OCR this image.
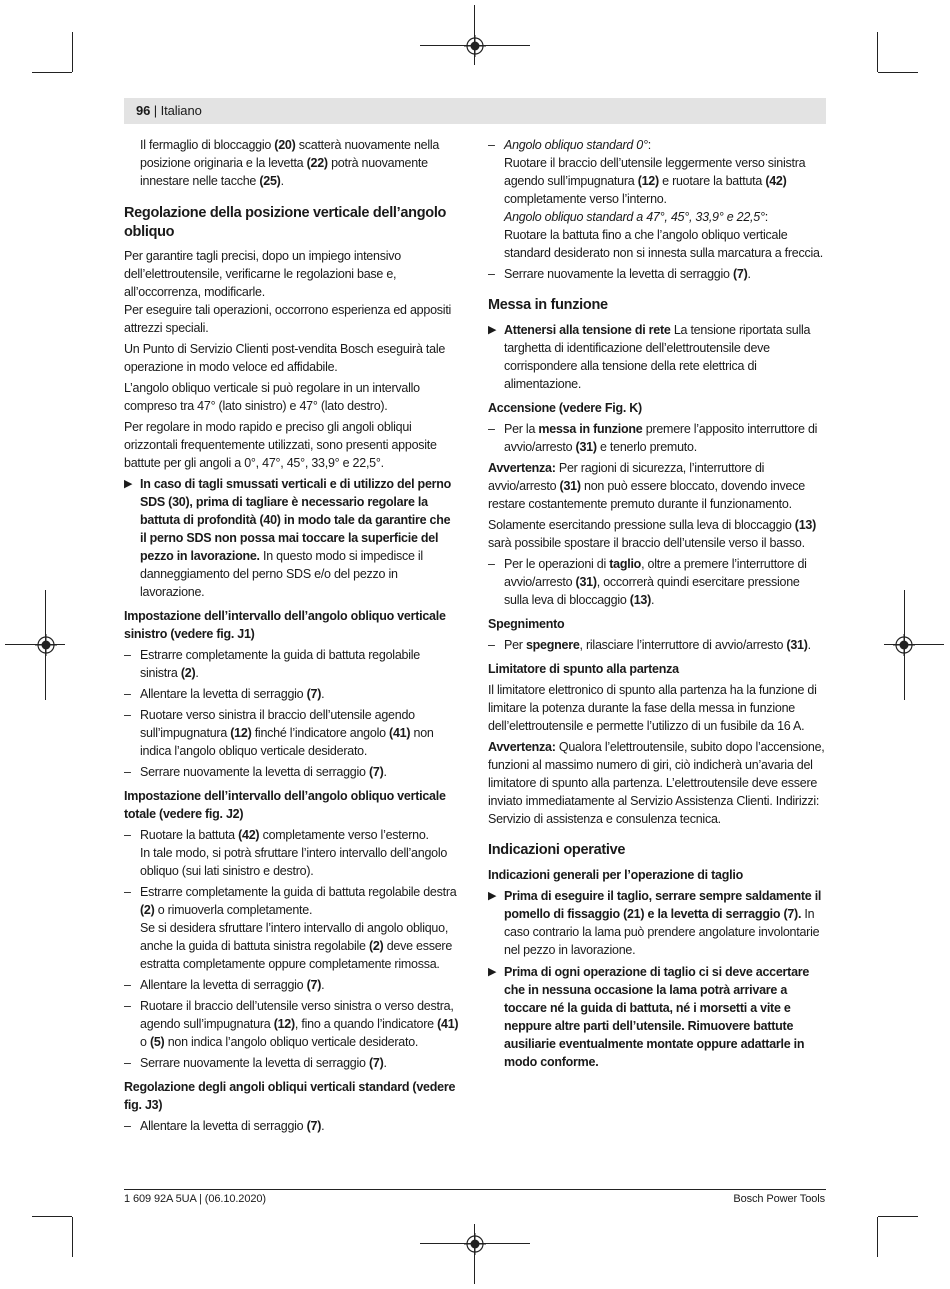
96 | Italiano

Il fermaglio di bloccaggio (20) scatterà nuovamente nella posizione originaria e la levetta (22) potrà nuovamente innestare nelle tacche (25).

Regolazione della posizione verticale dell’angolo obliquo

Per garantire tagli precisi, dopo un impiego intensivo dell’elettroutensile, verificarne le regolazioni base e, all’occorrenza, modificarle.

Per eseguire tali operazioni, occorrono esperienza ed appositi attrezzi speciali.

Un Punto di Servizio Clienti post-vendita Bosch eseguirà tale operazione in modo veloce ed affidabile.

L’angolo obliquo verticale si può regolare in un intervallo compreso tra 47° (lato sinistro) e 47° (lato destro).

Per regolare in modo rapido e preciso gli angoli obliqui orizzontali frequentemente utilizzati, sono presenti apposite battute per gli angoli a 0°, 47°, 45°, 33,9° e 22,5°.

▶ In caso di tagli smussati verticali e di utilizzo del perno SDS (30), prima di tagliare è necessario regolare la battuta di profondità (40) in modo tale da garantire che il perno SDS non possa mai toccare la superficie del pezzo in lavorazione. In questo modo si impedisce il danneggiamento del perno SDS e/o del pezzo in lavorazione.
Impostazione dell’intervallo dell’angolo obliquo verticale sinistro (vedere fig. J1)
– Estrarre completamente la guida di battuta regolabile sinistra (2).
– Allentare la levetta di serraggio (7).
– Ruotare verso sinistra il braccio dell’utensile agendo sull’impugnatura (12) finché l’indicatore angolo (41) non indica l’angolo obliquo verticale desiderato.
– Serrare nuovamente la levetta di serraggio (7).
Impostazione dell’intervallo dell’angolo obliquo verticale totale (vedere fig. J2)
– Ruotare la battuta (42) completamente verso l’esterno.
In tale modo, si potrà sfruttare l’intero intervallo dell’angolo obliquo (sui lati sinistro e destro).
– Estrarre completamente la guida di battuta regolabile destra (2) o rimuoverla completamente.
Se si desidera sfruttare l’intero intervallo di angolo obliquo, anche la guida di battuta sinistra regolabile (2) deve essere estratta completamente oppure completamente rimossa.
– Allentare la levetta di serraggio (7).
– Ruotare il braccio dell’utensile verso sinistra o verso destra, agendo sull’impugnatura (12), fino a quando l’indicatore (41) o (5) non indica l’angolo obliquo verticale desiderato.
– Serrare nuovamente la levetta di serraggio (7).
Regolazione degli angoli obliqui verticali standard (vedere fig. J3)
– Allentare la levetta di serraggio (7).
– Angolo obliquo standard 0°:
Ruotare il braccio dell’utensile leggermente verso sinistra agendo sull’impugnatura (12) e ruotare la battuta (42) completamente verso l’interno.
Angolo obliquo standard a 47°, 45°, 33,9° e 22,5°:
Ruotare la battuta fino a che l’angolo obliquo verticale standard desiderato non si innesta sulla marcatura a freccia.
– Serrare nuovamente la levetta di serraggio (7).
Messa in funzione
▶ Attenersi alla tensione di rete La tensione riportata sulla targhetta di identificazione dell’elettroutensile deve corrispondere alla tensione della rete elettrica di alimentazione.
Accensione (vedere Fig. K)
– Per la messa in funzione premere l’apposito interruttore di avvio/arresto (31) e tenerlo premuto.

Avvertenza: Per ragioni di sicurezza, l’interruttore di avvio/arresto (31) non può essere bloccato, dovendo invece restare costantemente premuto durante il funzionamento.

Solamente esercitando pressione sulla leva di bloccaggio (13) sarà possibile spostare il braccio dell’utensile verso il basso.

– Per le operazioni di taglio, oltre a premere l’interruttore di avvio/arresto (31), occorrerà quindi esercitare pressione sulla leva di bloccaggio (13).
Spegnimento
– Per spegnere, rilasciare l’interruttore di avvio/arresto (31).
Limitatore di spunto alla partenza

Il limitatore elettronico di spunto alla partenza ha la funzione di limitare la potenza durante la fase della messa in funzione dell’elettroutensile e permette l’utilizzo di un fusibile da 16 A.

Avvertenza: Qualora l’elettroutensile, subito dopo l’accensione, funzioni al massimo numero di giri, ciò indicherà un’avaria del limitatore di spunto alla partenza. L’elettroutensile deve essere inviato immediatamente al Servizio Assistenza Clienti. Indirizzi: Servizio di assistenza e consulenza tecnica.

Indicazioni operative
Indicazioni generali per l’operazione di taglio
▶ Prima di eseguire il taglio, serrare sempre saldamente il pomello di fissaggio (21) e la levetta di serraggio (7). In caso contrario la lama può prendere angolature involontarie nel pezzo in lavorazione.
▶ Prima di ogni operazione di taglio ci si deve accertare che in nessuna occasione la lama potrà arrivare a toccare né la guida di battuta, né i morsetti a vite e neppure altre parti dell’utensile. Rimuovere battute ausiliarie eventualmente montate oppure adattarle in modo conforme.
1 609 92A 5UA | (06.10.2020)	Bosch Power Tools
